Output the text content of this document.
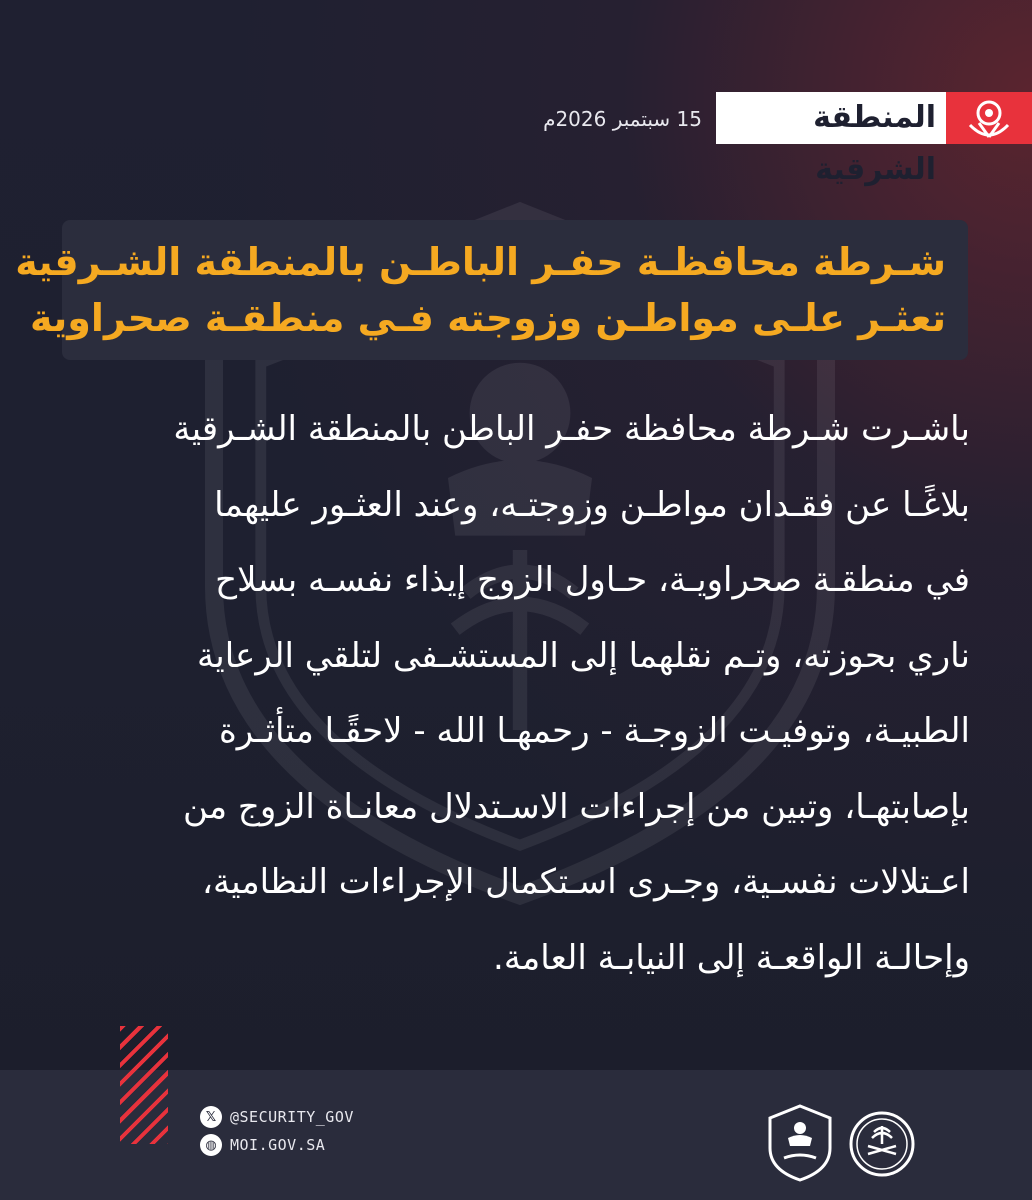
المنطقة الشرقية
15 سبتمبر 2026م
شـرطة محافظـة حفـر الباطـن بالمنطقة الشـرقية
تعثـر علـى مواطـن وزوجته فـي منطقـة صحراوية
باشـرت شـرطة محافظة حفـر الباطن بالمنطقة الشـرقية
بلاغًـا عن فقـدان مواطـن وزوجتـه، وعند العثـور عليهما
في منطقـة صحراويـة، حـاول الزوج إيذاء نفسـه بسلاح
ناري بحوزته، وتـم نقلهما إلى المستشـفى لتلقي الرعاية
الطبيـة، وتوفيـت الزوجـة - رحمهـا الله - لاحقًـا متأثـرة
بإصابتهـا، وتبين من إجراءات الاسـتدلال معانـاة الزوج من
اعـتلالات نفسـية، وجـرى اسـتكمال الإجراءات النظامية،
وإحالـة الواقعـة إلى النيابـة العامة.
𝕏 @SECURITY_GOV
◍ MOI.GOV.SA
